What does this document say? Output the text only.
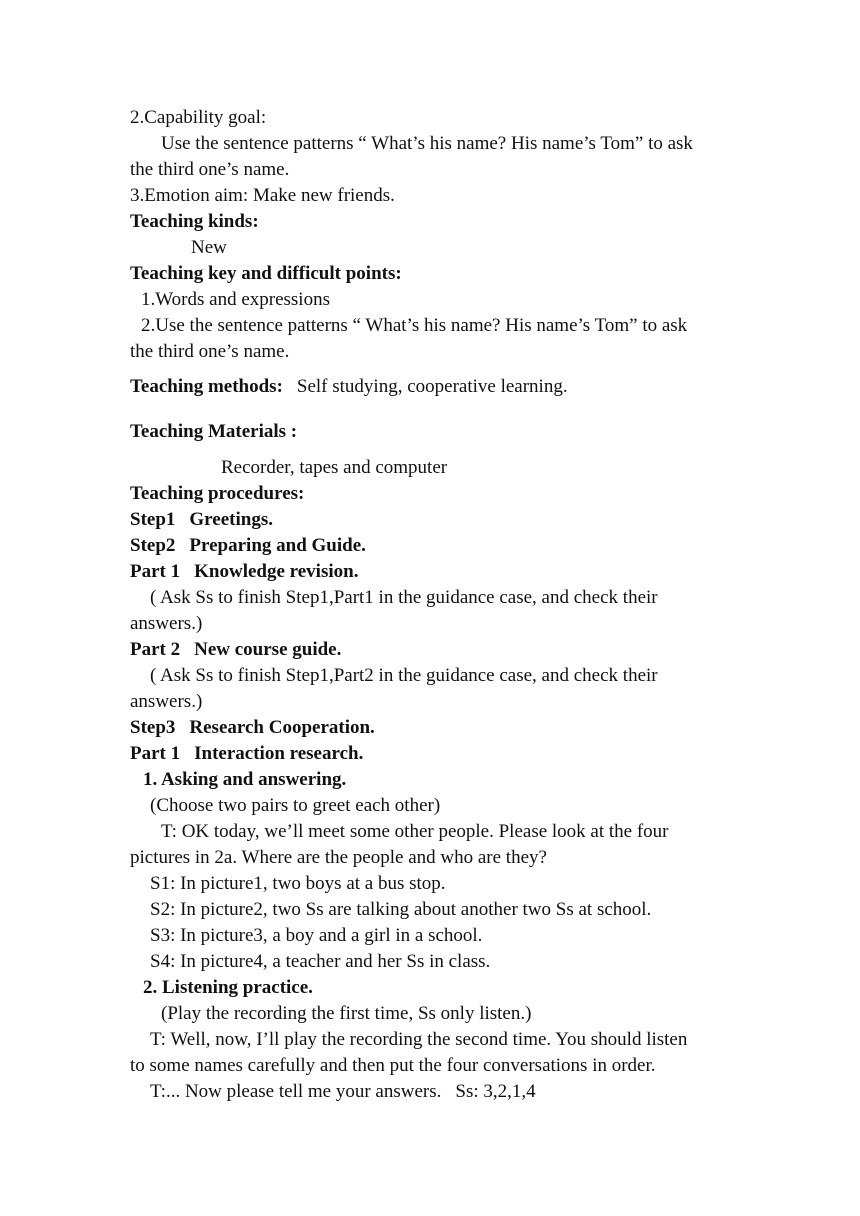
2.Capability goal:
Use the sentence patterns “ What’s his name? His name’s Tom” to ask
the third one’s name.
3.Emotion aim: Make new friends.
Teaching kinds:
New
Teaching key and difficult points:
1.Words and expressions
2.Use the sentence patterns “ What’s his name? His name’s Tom” to ask
the third one’s name.
Teaching methods: Self studying, cooperative learning.
Teaching Materials :
Recorder, tapes and computer
Teaching procedures:
Step1 Greetings.
Step2 Preparing and Guide.
Part 1 Knowledge revision.
( Ask Ss to finish Step1,Part1 in the guidance case, and check their
answers.)
Part 2 New course guide.
( Ask Ss to finish Step1,Part2 in the guidance case, and check their
answers.)
Step3 Research Cooperation.
Part 1 Interaction research.
1. Asking and answering.
(Choose two pairs to greet each other)
T: OK today, we’ll meet some other people. Please look at the four
pictures in 2a. Where are the people and who are they?
S1: In picture1, two boys at a bus stop.
S2: In picture2, two Ss are talking about another two Ss at school.
S3: In picture3, a boy and a girl in a school.
S4: In picture4, a teacher and her Ss in class.
2. Listening practice.
(Play the recording the first time, Ss only listen.)
T: Well, now, I’ll play the recording the second time. You should listen
to some names carefully and then put the four conversations in order.
T:... Now please tell me your answers. Ss: 3,2,1,4
